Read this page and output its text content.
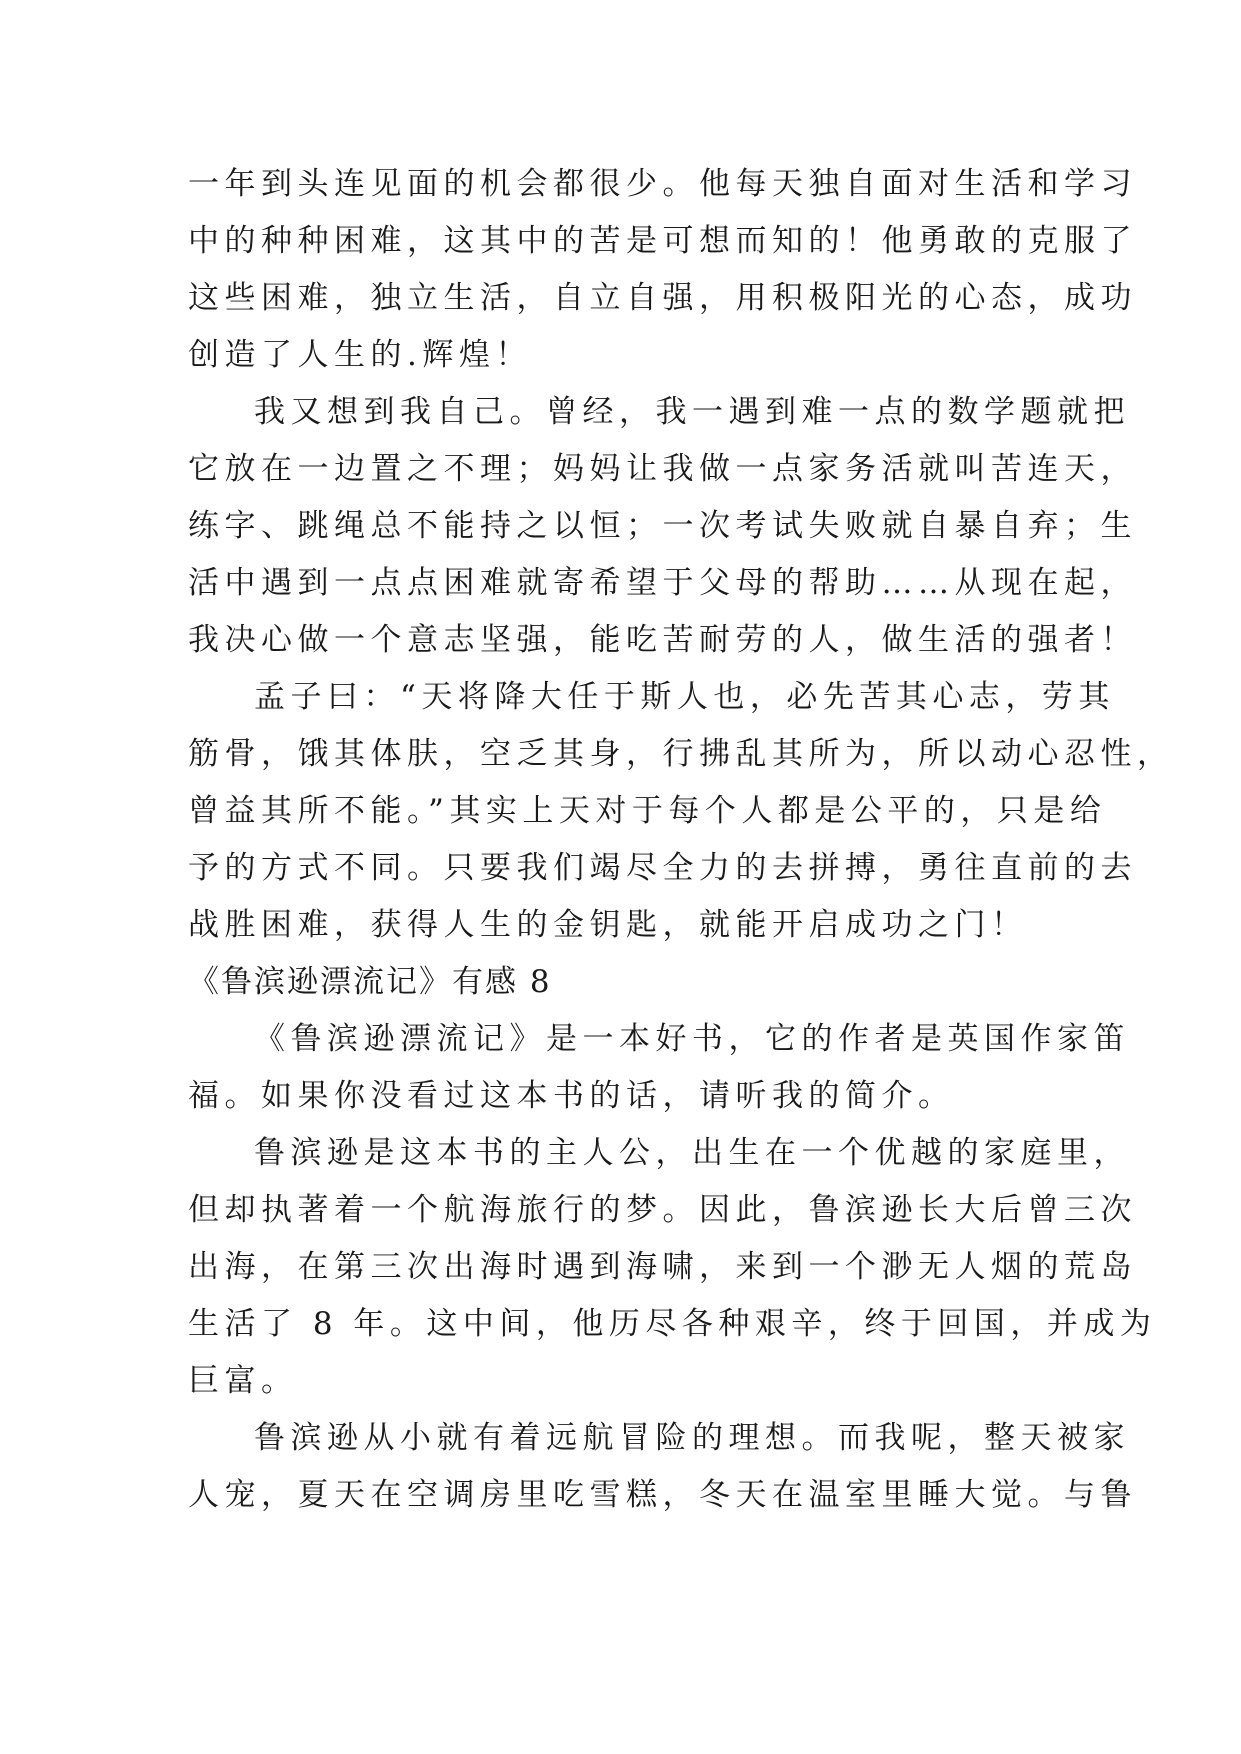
一年到头连见面的机会都很少。他每天独自面对生活和学习
中的种种困难，这其中的苦是可想而知的！他勇敢的克服了
这些困难，独立生活，自立自强，用积极阳光的心态，成功
创造了人生的.辉煌！
我又想到我自己。曾经，我一遇到难一点的数学题就把
它放在一边置之不理；妈妈让我做一点家务活就叫苦连天，
练字、跳绳总不能持之以恒；一次考试失败就自暴自弃；生
活中遇到一点点困难就寄希望于父母的帮助……从现在起，
我决心做一个意志坚强，能吃苦耐劳的人，做生活的强者！
孟子曰：“天将降大任于斯人也，必先苦其心志，劳其
筋骨，饿其体肤，空乏其身，行拂乱其所为，所以动心忍性，
曾益其所不能。”其实上天对于每个人都是公平的，只是给
予的方式不同。只要我们竭尽全力的去拼搏，勇往直前的去
战胜困难，获得人生的金钥匙，就能开启成功之门！
《鲁滨逊漂流记》有感 8
《鲁滨逊漂流记》是一本好书，它的作者是英国作家笛
福。如果你没看过这本书的话，请听我的简介。
鲁滨逊是这本书的主人公，出生在一个优越的家庭里，
但却执著着一个航海旅行的梦。因此，鲁滨逊长大后曾三次
出海，在第三次出海时遇到海啸，来到一个渺无人烟的荒岛
生活了 8 年。这中间，他历尽各种艰辛，终于回国，并成为
巨富。
鲁滨逊从小就有着远航冒险的理想。而我呢，整天被家
人宠，夏天在空调房里吃雪糕，冬天在温室里睡大觉。与鲁
